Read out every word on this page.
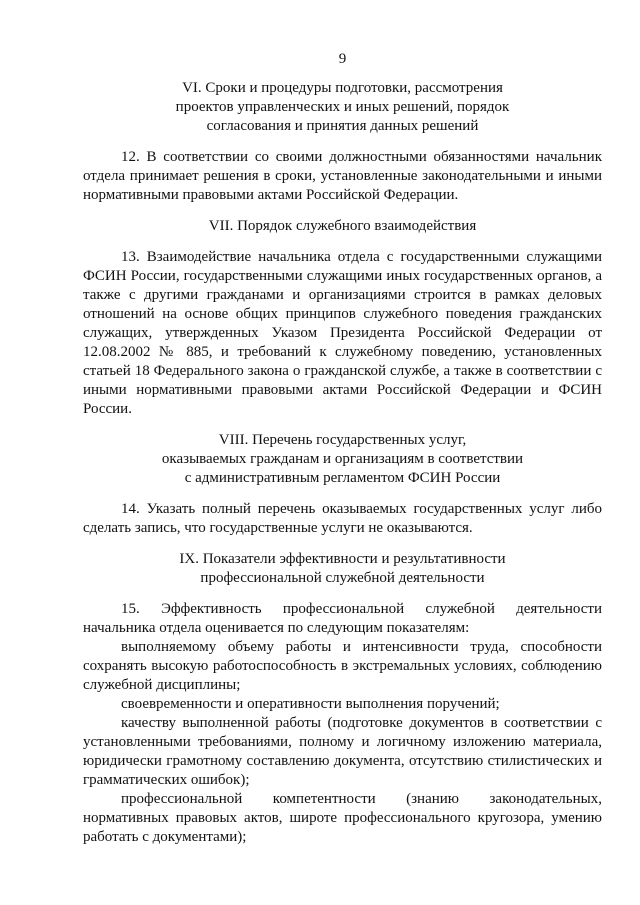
9
VI. Сроки и процедуры подготовки, рассмотрения
проектов управленческих и иных решений, порядок
согласования и принятия данных решений

12. В соответствии со своими должностными обязанностями начальник отдела принимает решения в сроки, установленные законодательными и иными нормативными правовыми актами Российской Федерации.

VII. Порядок служебного взаимодействия

13. Взаимодействие начальника отдела с государственными служащими ФСИН России, государственными служащими иных государственных органов, а также с другими гражданами и организациями строится в рамках деловых отношений на основе общих принципов служебного поведения гражданских служащих, утвержденных Указом Президента Российской Федерации от 12.08.2002 № 885, и требований к служебному поведению, установленных статьей 18 Федерального закона о гражданской службе, а также в соответствии с иными нормативными правовыми актами Российской Федерации и ФСИН России.

VIII. Перечень государственных услуг,
оказываемых гражданам и организациям в соответствии
с административным регламентом ФСИН России

14. Указать полный перечень оказываемых государственных услуг либо сделать запись, что государственные услуги не оказываются.

IX. Показатели эффективности и результативности
профессиональной служебной деятельности

15. Эффективность профессиональной служебной деятельности начальника отдела оценивается по следующим показателям:

выполняемому объему работы и интенсивности труда, способности сохранять высокую работоспособность в экстремальных условиях, соблюдению служебной дисциплины;

своевременности и оперативности выполнения поручений;

качеству выполненной работы (подготовке документов в соответствии с установленными требованиями, полному и логичному изложению материала, юридически грамотному составлению документа, отсутствию стилистических и грамматических ошибок);

профессиональной компетентности (знанию законодательных, нормативных правовых актов, широте профессионального кругозора, умению работать с документами);
